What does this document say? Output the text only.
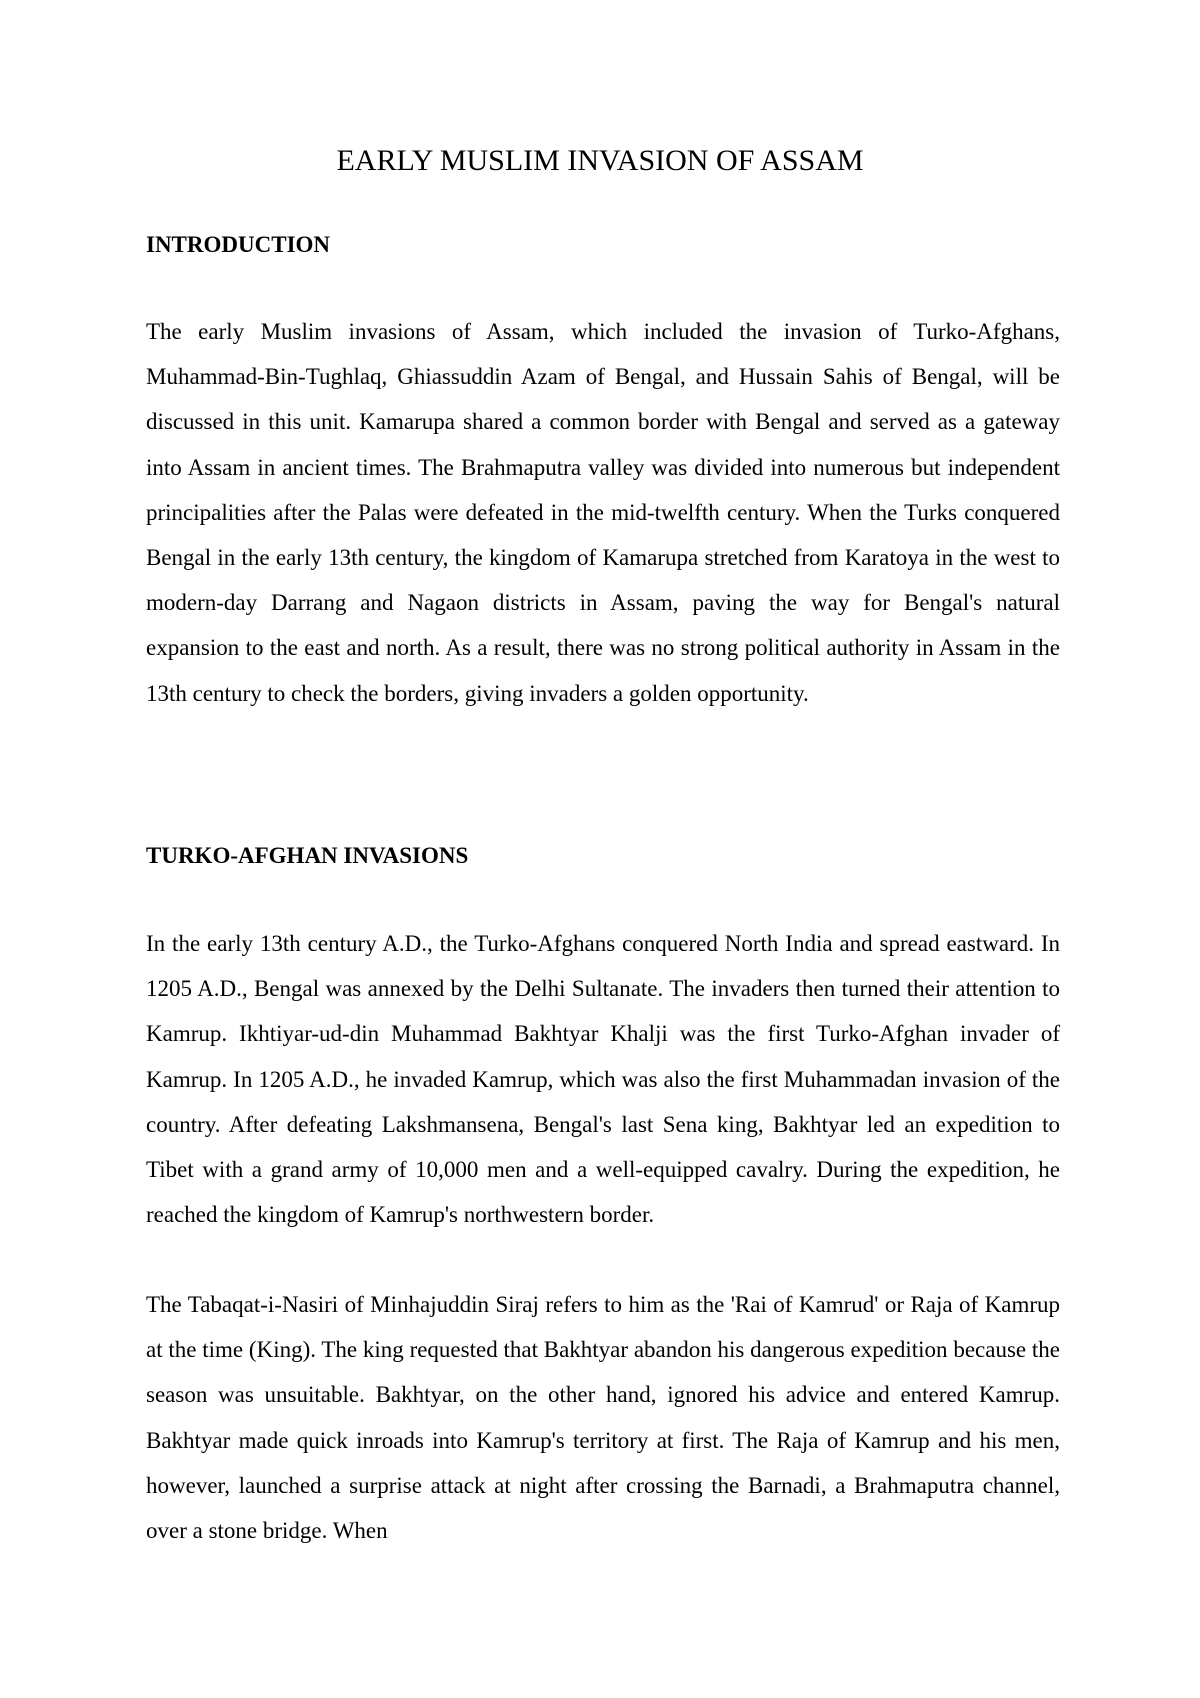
EARLY MUSLIM INVASION OF ASSAM
INTRODUCTION

The early Muslim invasions of Assam, which included the invasion of Turko-Afghans, Muhammad-Bin-Tughlaq, Ghiassuddin Azam of Bengal, and Hussain Sahis of Bengal, will be discussed in this unit. Kamarupa shared a common border with Bengal and served as a gateway into Assam in ancient times. The Brahmaputra valley was divided into numerous but independent principalities after the Palas were defeated in the mid-twelfth century. When the Turks conquered Bengal in the early 13th century, the kingdom of Kamarupa stretched from Karatoya in the west to modern-day Darrang and Nagaon districts in Assam, paving the way for Bengal's natural expansion to the east and north. As a result, there was no strong political authority in Assam in the 13th century to check the borders, giving invaders a golden opportunity.

TURKO-AFGHAN INVASIONS

In the early 13th century A.D., the Turko-Afghans conquered North India and spread eastward. In 1205 A.D., Bengal was annexed by the Delhi Sultanate. The invaders then turned their attention to Kamrup. Ikhtiyar-ud-din Muhammad Bakhtyar Khalji was the first Turko-Afghan invader of Kamrup. In 1205 A.D., he invaded Kamrup, which was also the first Muhammadan invasion of the country. After defeating Lakshmansena, Bengal's last Sena king, Bakhtyar led an expedition to Tibet with a grand army of 10,000 men and a well-equipped cavalry. During the expedition, he reached the kingdom of Kamrup's northwestern border.

The Tabaqat-i-Nasiri of Minhajuddin Siraj refers to him as the 'Rai of Kamrud' or Raja of Kamrup at the time (King). The king requested that Bakhtyar abandon his dangerous expedition because the season was unsuitable. Bakhtyar, on the other hand, ignored his advice and entered Kamrup. Bakhtyar made quick inroads into Kamrup's territory at first. The Raja of Kamrup and his men, however, launched a surprise attack at night after crossing the Barnadi, a Brahmaputra channel, over a stone bridge. When
